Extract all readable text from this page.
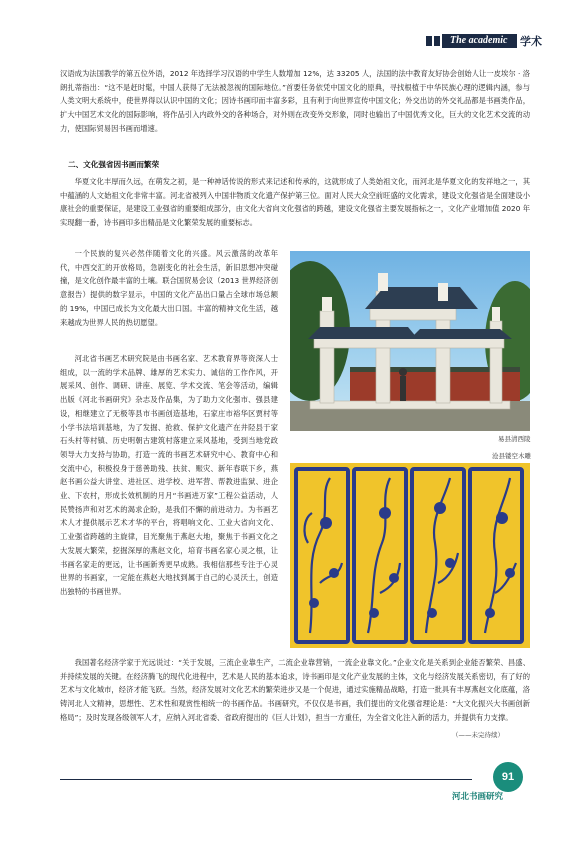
The academic	学术

汉语成为法国教学的第五位外语，2012 年选择学习汉语的中学生人数增加 12%，达 33205 人，法国的法中教育友好协会创始人让一皮埃尔 · 洛朗扎蒂指出：“这不是赶时髦，中国人获得了无法被忽视的国际地位。”首要任务依凭中国文化的原典，寻找根植于中华民族心理的逻辑内涵，参与人类文明大系统中，使世界得以认识中国的文化；因诗书画印而丰富多彩，且有利于向世界宣传中国文化；外交出访的外交礼品都是书画类作品，扩大中国艺术文化的国际影响，将作品引入内政外交的各种场合，对外则在改变外交形象，同时也输出了中国优秀文化，巨大的文化艺术交流的动力，使国际贸易因书画而增速。

二、文化强省因书画而繁荣

华夏文化丰厚而久远，在萌发之初，是一种神话传说的形式来记述和传承的，这就形成了人类始祖文化，而河北是华夏文化的发祥地之一，其中蕴涵的人文始祖文化非常丰富。河北省被列入中国非物质文化遗产保护第三位。面对人民大众空前旺盛的文化需求，建设文化强省是全面建设小康社会的重要保证，是建设工业强省的重要组成部分，由文化大省向文化强省的跨越，建设文化强省主要发展指标之一，文化产业增加值 2020 年实现翻一番，诗书画印多出精品是文化繁荣发展的重要标志。

一个民族的复兴必然伴随着文化的兴盛。风云激荡的改革年代，中西交汇的开放格局，急剧变化的社会生活，新旧思想冲突碰撞，是文化创作最丰富的土壤。联合国贸易会议（2013 世界经济创意报告）提供的数字显示，中国的文化产品出口量占全球市场总额的 19%，中国已成长为文化最大出口国。丰富的精神文化生活，越来越成为世界人民的热切愿望。

河北省书画艺术研究院是由书画名家、艺术教育界等资深人士组成，以一流的学术品牌、雄厚的艺术实力、诚信的工作作风，开展采风、创作、调研、讲座、展览、学术交流、笔会等活动，编辑出版《河北书画研究》杂志及作品集，为了助力文化强市、强县建设，相继建立了无极等县市书画创造基地，石家庄市裕华区贾村等小学书法培训基地，为了发掘、抢救、保护文化遗产在井陉县于家石头村等村镇、历史明朝古建筑村落建立采风基地，受到当地党政领导大力支持与协助，打造一流的书画艺术研究中心、教育中心和交流中心，积极投身于慈善助残、扶贫、赈灾、新年春联下乡，燕赵书画公益大讲堂、进社区、进学校、进军营、帮教进监狱、进企业、下农村，形成长效机制的月月“书画进万家”工程公益活动，人民赞扬声和对艺术的渴求企盼，是我们不懈的前进动力。为书画艺术人才提供展示艺术才华的平台，将唱响文化、工业大省向文化、工业强省跨越的主旋律，目光聚焦于燕赵大地，聚焦于书画文化之大发展大繁荣，挖掘深厚的燕赵文化，培育书画名家心灵之根，让书画名家走的更远，让书画新秀更早成熟。我相信那些专注于心灵世界的书画家，一定能在燕赵大地找到属于自己的心灵沃土，创造出独特的书画世界。

我国著名经济学家于光远说过：“关于发展，三流企业靠生产，二流企业靠营销，一流企业靠文化。”企业文化是关系到企业能否繁荣、昌盛、并持续发展的关键。在经济腾飞的现代化进程中，艺术是人民的基本追求，诗书画印是文化产业发展的主体，文化与经济发展关系密切，有了好的艺术与文化城市，经济才能飞跃。当然，经济发展对文化艺术的繁荣进步又是一个促进，通过实施精品战略，打造一批具有丰厚燕赵文化底蕴，洛铸河北人文精神，思想性、艺术性和观赏性相统一的书画作品。书画研究，不仅仅是书画，我们提出的文化强省理论是：“大文化振兴大书画创新格局”；及时发现各级领军人才，应纳入河北省委、省政府提出的《巨人计划》，担当一方重任，为全省文化注入新的活力，并提供有力支撑。

易县清西陵
沧县镂空木雕
（——未完待续）
91
河北书画研究
